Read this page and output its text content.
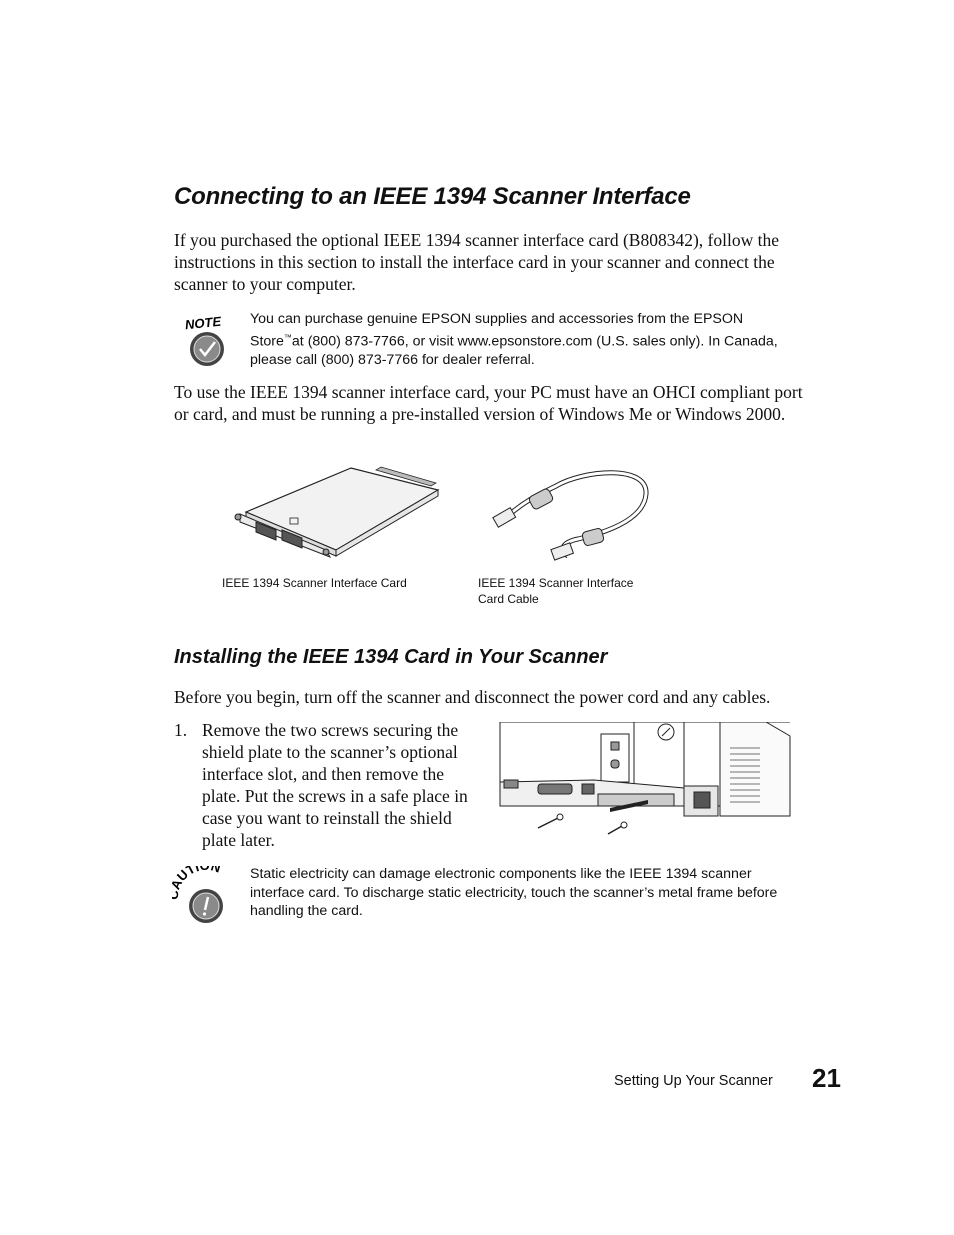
Connecting to an IEEE 1394 Scanner Interface
If you purchased the optional IEEE 1394 scanner interface card (B808342), follow the instructions in this section to install the interface card in your scanner and connect the scanner to your computer.
NOTE You can purchase genuine EPSON supplies and accessories from the EPSON Store™at (800) 873-7766, or visit www.epsonstore.com (U.S. sales only). In Canada, please call (800) 873-7766 for dealer referral.
To use the IEEE 1394 scanner interface card, your PC must have an OHCI compliant port or card, and must be running a pre-installed version of Windows Me or Windows 2000.
IEEE 1394 Scanner Interface Card	IEEE 1394 Scanner Interface Card Cable
Installing the IEEE 1394 Card in Your Scanner
Before you begin, turn off the scanner and disconnect the power cord and any cables.
1. Remove the two screws securing the shield plate to the scanner’s optional interface slot, and then remove the plate. Put the screws in a safe place in case you want to reinstall the shield plate later.
UTI N Static electricity can damage electronic components like the IEEE 1394 scanner interface card. To discharge static electricity, touch the scanner’s metal frame before handling the card.
Setting Up Your Scanner 21
